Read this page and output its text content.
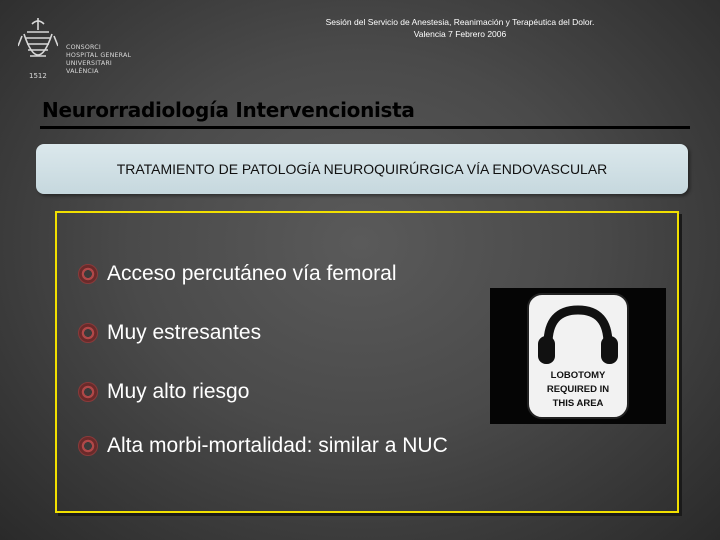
Sesión del Servicio de Anestesia, Reanimación y Terapéutica del Dolor.
Valencia 7 Febrero 2006
1512
CONSORCI
HOSPITAL GENERAL
UNIVERSITARI
VALÈNCIA
Neurorradiología Intervencionista
TRATAMIENTO DE PATOLOGÍA NEUROQUIRÚRGICA VÍA ENDOVASCULAR
Acceso percutáneo vía femoral
Muy estresantes
Muy alto riesgo
Alta morbi-mortalidad: similar a NUC
LOBOTOMY
REQUIRED IN
THIS AREA
